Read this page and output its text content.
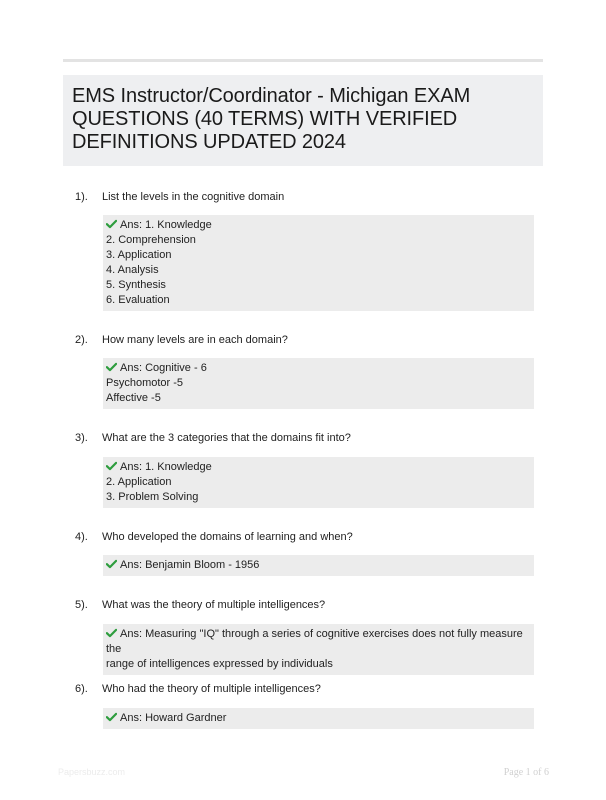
EMS Instructor/Coordinator - Michigan EXAM QUESTIONS (40 TERMS) WITH VERIFIED DEFINITIONS UPDATED 2024
1). List the levels in the cognitive domain
Ans: 1. Knowledge
2. Comprehension
3. Application
4. Analysis
5. Synthesis
6. Evaluation
2). How many levels are in each domain?
Ans: Cognitive - 6
Psychomotor -5
Affective -5
3). What are the 3 categories that the domains fit into?
Ans: 1. Knowledge
2. Application
3. Problem Solving
4). Who developed the domains of learning and when?
Ans: Benjamin Bloom - 1956
5). What was the theory of multiple intelligences?
Ans: Measuring "IQ" through a series of cognitive exercises does not fully measure the
range of intelligences expressed by individuals
6). Who had the theory of multiple intelligences?
Ans: Howard Gardner
Papersbuzz.com	Page 1 of 6
